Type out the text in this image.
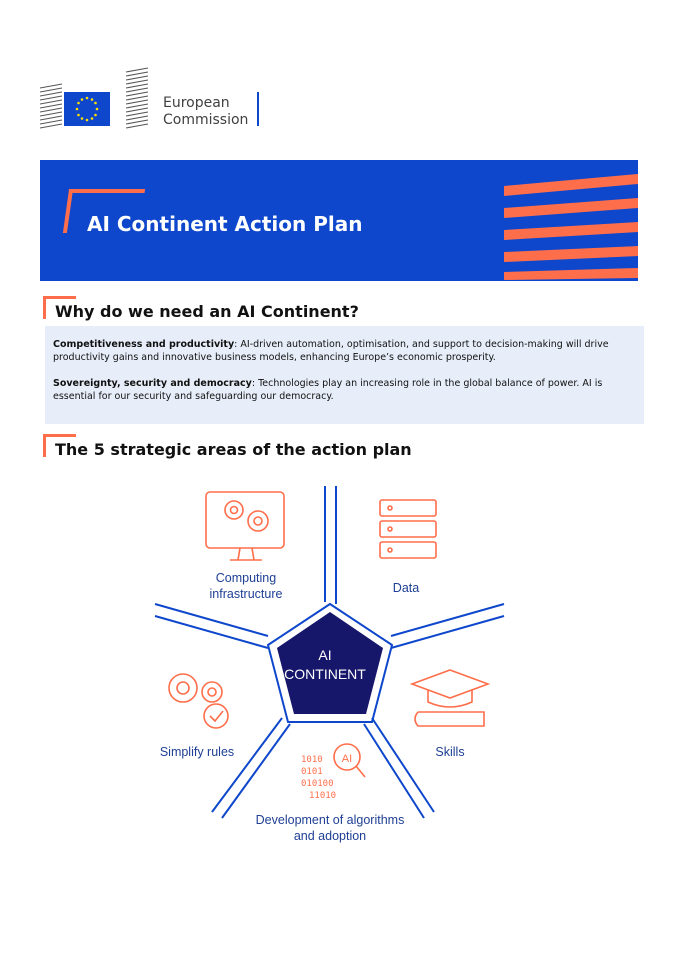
European
Commission
AI Continent Action Plan
Why do we need an AI Continent?

Competitiveness and productivity: AI-driven automation, optimisation, and support to decision-making will drive productivity gains and innovative business models, enhancing Europe’s economic prosperity.

Sovereignty, security and democracy: Technologies play an increasing role in the global balance of power. AI is essential for our security and safeguarding our democracy.

The 5 strategic areas of the action plan
1010
0101
010100
11010
AI
AI
CONTINENT
Computing
infrastructure	Data
Simplify rules	Skills
Development of algorithms
and adoption
